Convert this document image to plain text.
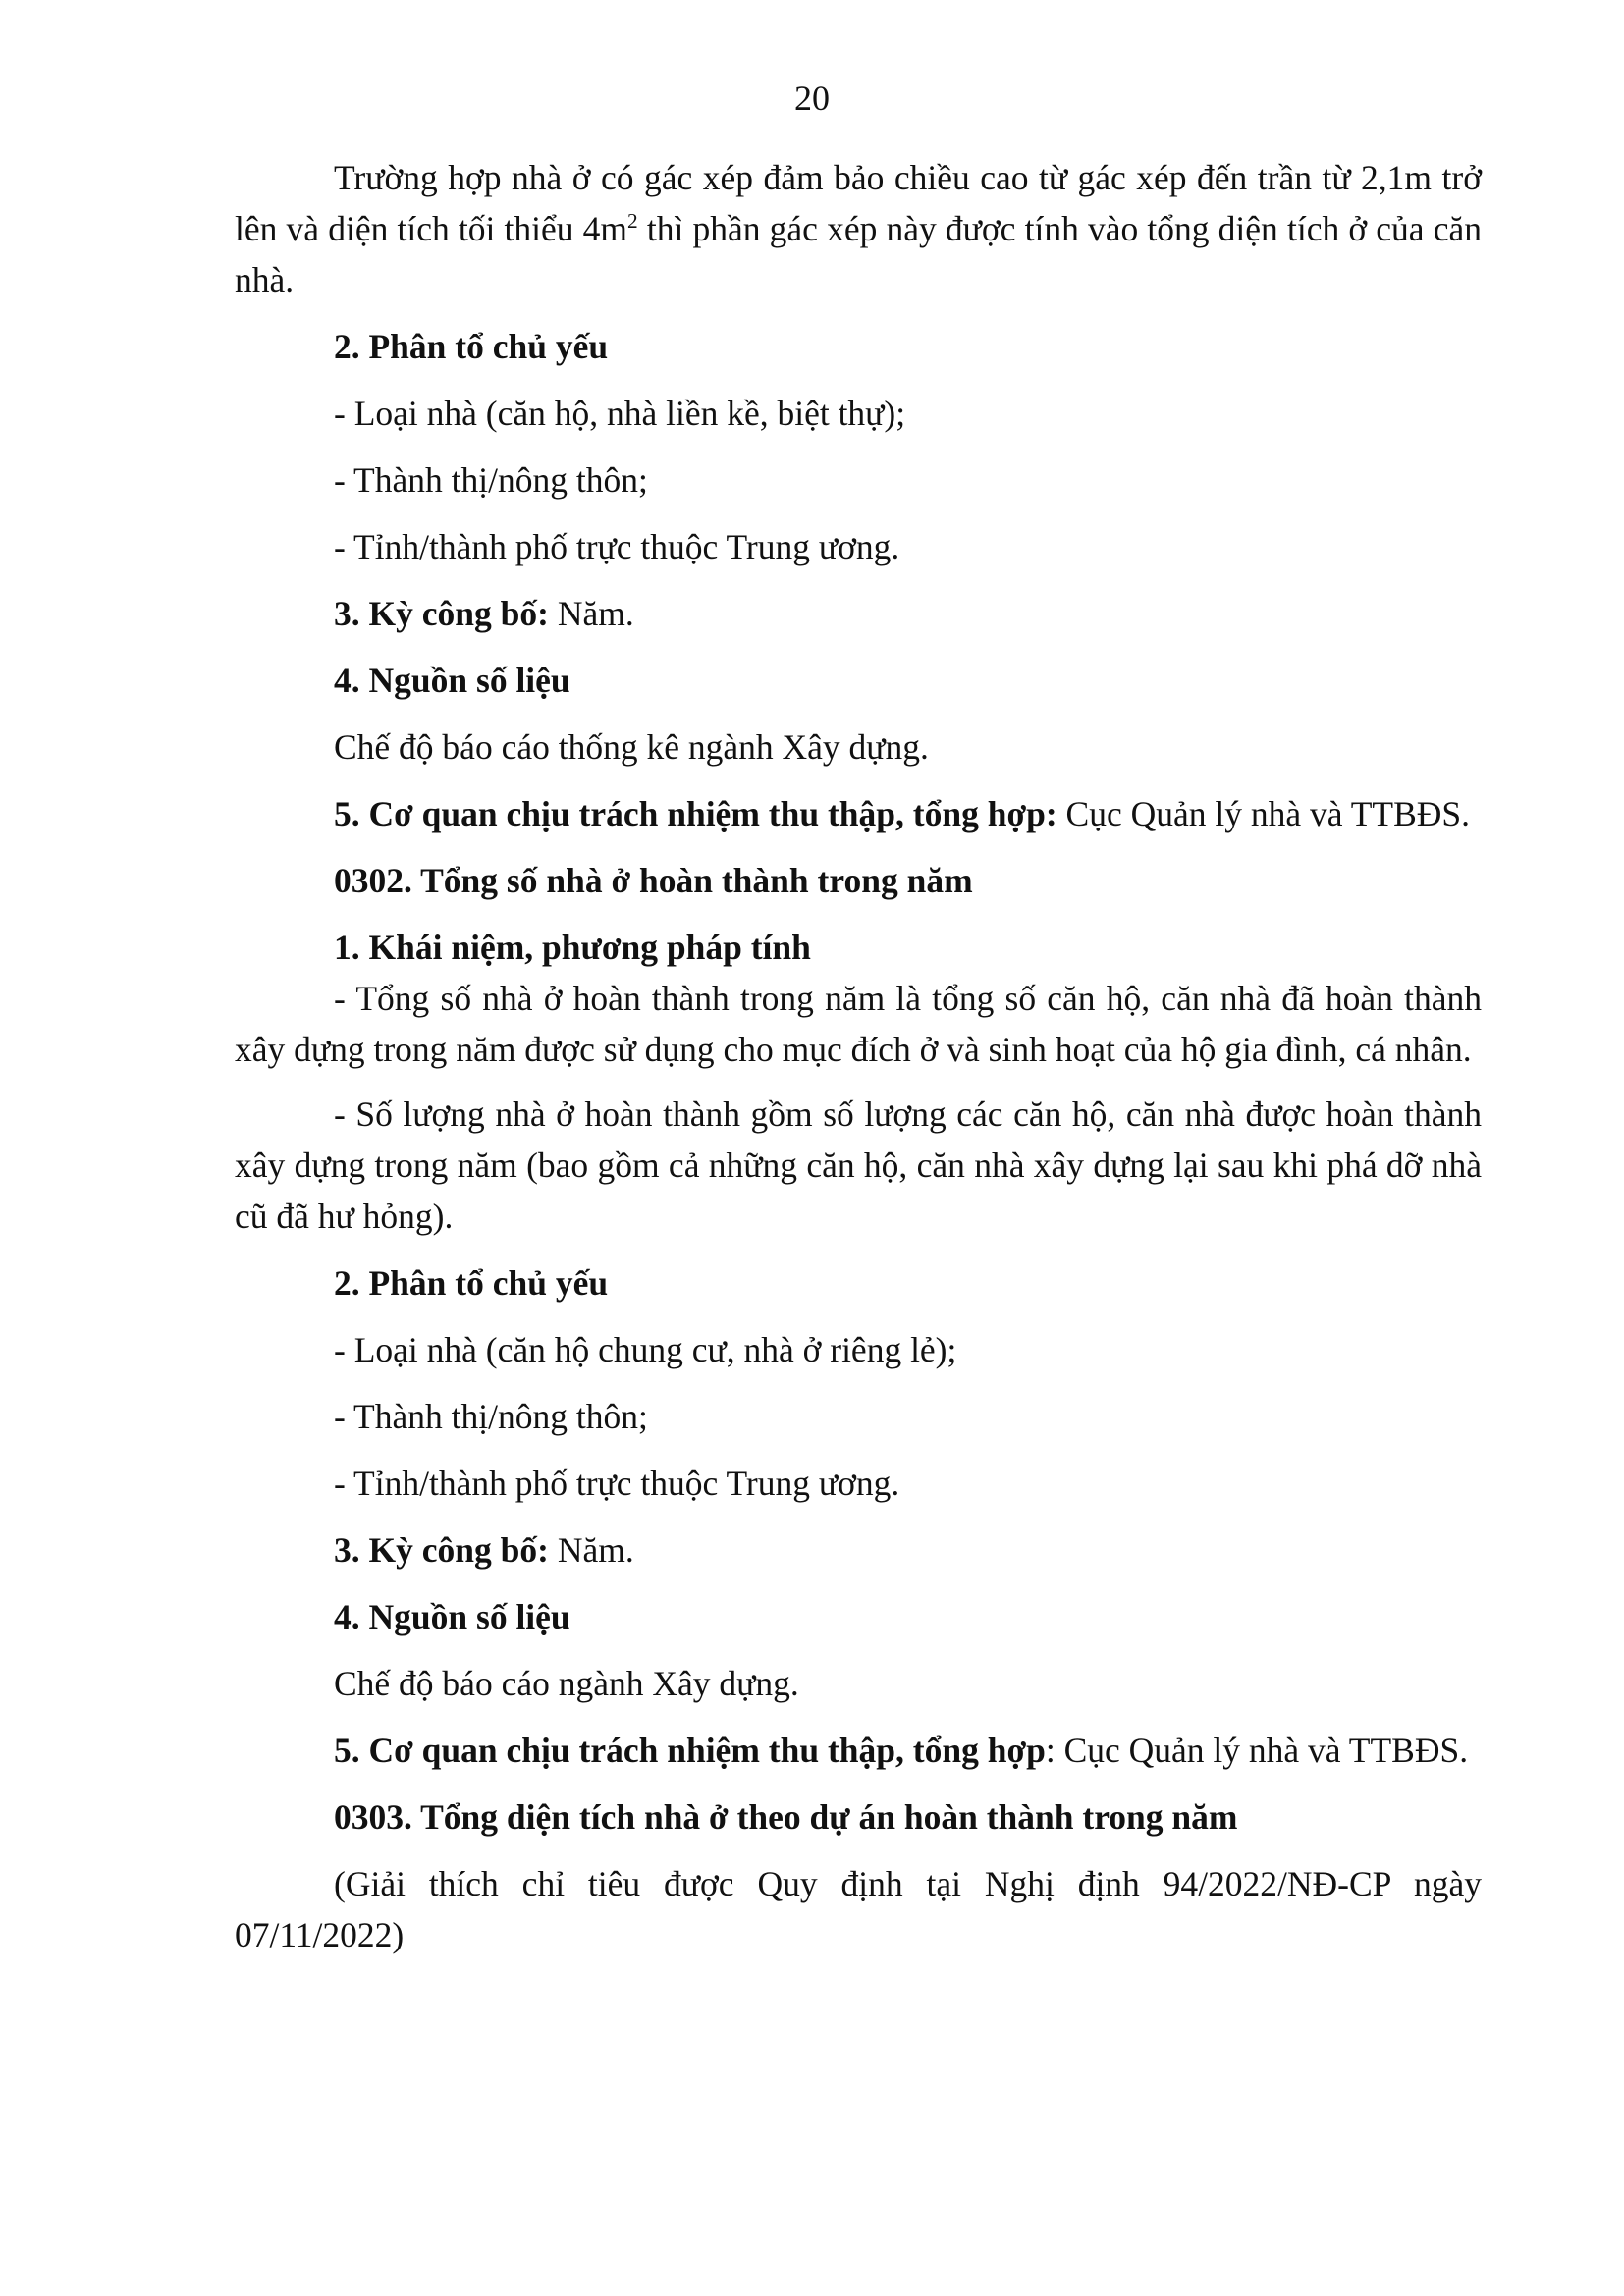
20

Trường hợp nhà ở có gác xép đảm bảo chiều cao từ gác xép đến trần từ 2,1m trở lên và diện tích tối thiểu $4m^2$ thì phần gác xép này được tính vào tổng diện tích ở của căn nhà.

2. Phân tổ chủ yếu

- Loại nhà (căn hộ, nhà liền kề, biệt thự);

- Thành thị/nông thôn;

- Tỉnh/thành phố trực thuộc Trung ương.

3. Kỳ công bố: Năm.

4. Nguồn số liệu

Chế độ báo cáo thống kê ngành Xây dựng.

5. Cơ quan chịu trách nhiệm thu thập, tổng hợp: Cục Quản lý nhà và TTBĐS.

0302. Tổng số nhà ở hoàn thành trong năm

1. Khái niệm, phương pháp tính

- Tổng số nhà ở hoàn thành trong năm là tổng số căn hộ, căn nhà đã hoàn thành xây dựng trong năm được sử dụng cho mục đích ở và sinh hoạt của hộ gia đình, cá nhân.

- Số lượng nhà ở hoàn thành gồm số lượng các căn hộ, căn nhà được hoàn thành xây dựng trong năm (bao gồm cả những căn hộ, căn nhà xây dựng lại sau khi phá dỡ nhà cũ đã hư hỏng).

2. Phân tổ chủ yếu

- Loại nhà (căn hộ chung cư, nhà ở riêng lẻ);

- Thành thị/nông thôn;

- Tỉnh/thành phố trực thuộc Trung ương.

3. Kỳ công bố: Năm.

4. Nguồn số liệu

Chế độ báo cáo ngành Xây dựng.

5. Cơ quan chịu trách nhiệm thu thập, tổng hợp: Cục Quản lý nhà và TTBĐS.

0303. Tổng diện tích nhà ở theo dự án hoàn thành trong năm

(Giải thích chỉ tiêu được Quy định tại Nghị định 94/2022/NĐ-CP ngày 07/11/2022)
